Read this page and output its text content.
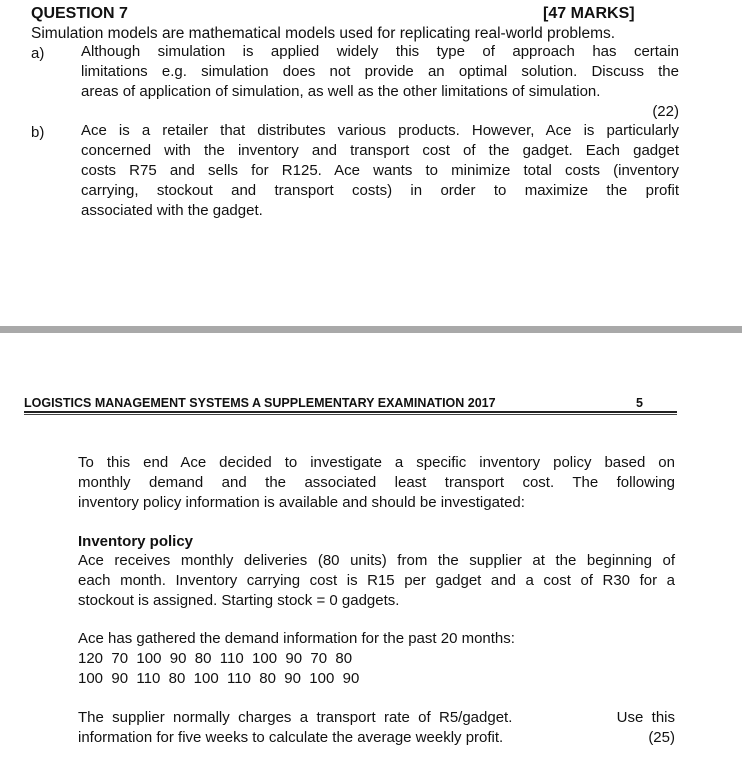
QUESTION 7	[47 MARKS]
Simulation models are mathematical models used for replicating real-world problems.
a) Although simulation is applied widely this type of approach has certain
limitations e.g. simulation does not provide an optimal solution. Discuss the
areas of application of simulation, as well as the other limitations of simulation.
(22)
b) Ace is a retailer that distributes various products. However, Ace is particularly
concerned with the inventory and transport cost of the gadget. Each gadget
costs R75 and sells for R125. Ace wants to minimize total costs (inventory
carrying, stockout and transport costs) in order to maximize the profit
associated with the gadget.
LOGISTICS MANAGEMENT SYSTEMS A SUPPLEMENTARY EXAMINATION 2017	5
To this end Ace decided to investigate a specific inventory policy based on
monthly demand and the associated least transport cost. The following
inventory policy information is available and should be investigated:
Inventory policy
Ace receives monthly deliveries (80 units) from the supplier at the beginning of
each month. Inventory carrying cost is R15 per gadget and a cost of R30 for a
stockout is assigned. Starting stock = 0 gadgets.
Ace has gathered the demand information for the past 20 months:
120  70  100  90  80  110  100  90  70  80
100  90  110  80  100  110  80  90  100  90
The  supplier  normally  charges  a  transport  rate  of  R5/gadget.	Use  this
information for five weeks to calculate the average weekly profit.	(25)
